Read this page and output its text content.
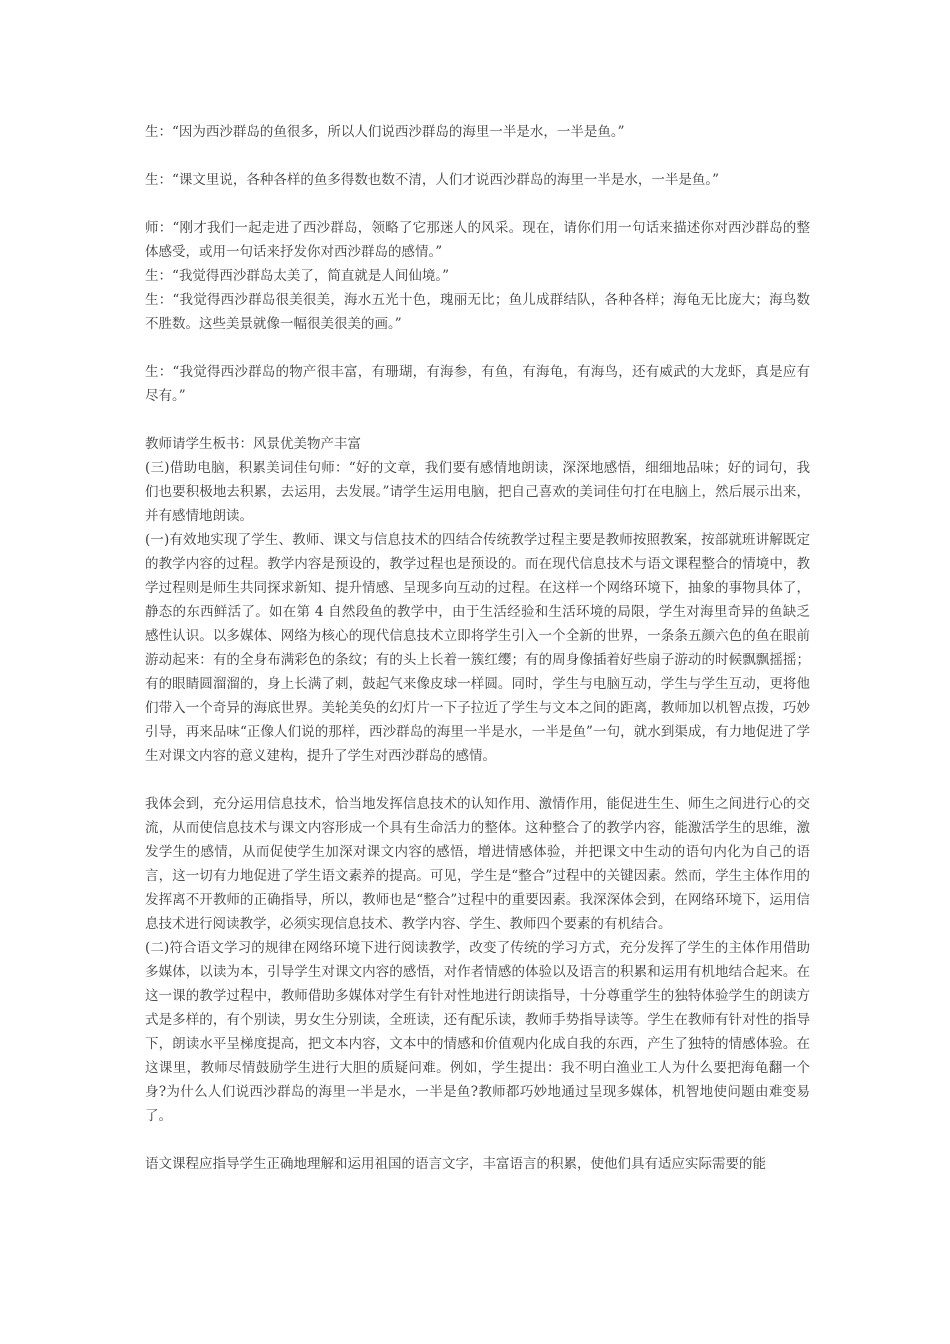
生：“因为西沙群岛的鱼很多，所以人们说西沙群岛的海里一半是水，一半是鱼。”

生：“课文里说，各种各样的鱼多得数也数不清，人们才说西沙群岛的海里一半是水，一半是鱼。”

师：“刚才我们一起走进了西沙群岛，领略了它那迷人的风采。现在，请你们用一句话来描述你对西沙群岛的整体感受，或用一句话来抒发你对西沙群岛的感情。”

生：“我觉得西沙群岛太美了，简直就是人间仙境。”

生：“我觉得西沙群岛很美很美，海水五光十色，瑰丽无比；鱼儿成群结队，各种各样；海龟无比庞大；海鸟数不胜数。这些美景就像一幅很美很美的画。”

生：“我觉得西沙群岛的物产很丰富，有珊瑚，有海参，有鱼，有海龟，有海鸟，还有威武的大龙虾，真是应有尽有。”

教师请学生板书：风景优美物产丰富

(三)借助电脑，积累美词佳句师：“好的文章，我们要有感情地朗读，深深地感悟，细细地品味；好的词句，我们也要积极地去积累，去运用，去发展。”请学生运用电脑，把自己喜欢的美词佳句打在电脑上，然后展示出来，并有感情地朗读。

(一)有效地实现了学生、教师、课文与信息技术的四结合传统教学过程主要是教师按照教案，按部就班讲解既定的教学内容的过程。教学内容是预设的，教学过程也是预设的。而在现代信息技术与语文课程整合的情境中，教学过程则是师生共同探求新知、提升情感、呈现多向互动的过程。在这样一个网络环境下，抽象的事物具体了，静态的东西鲜活了。如在第 4 自然段鱼的教学中，由于生活经验和生活环境的局限，学生对海里奇异的鱼缺乏感性认识。以多媒体、网络为核心的现代信息技术立即将学生引入一个全新的世界，一条条五颜六色的鱼在眼前游动起来：有的全身布满彩色的条纹；有的头上长着一簇红缨；有的周身像插着好些扇子游动的时候飘飘摇摇；有的眼睛圆溜溜的，身上长满了刺，鼓起气来像皮球一样圆。同时，学生与电脑互动，学生与学生互动，更将他们带入一个奇异的海底世界。美轮美奂的幻灯片一下子拉近了学生与文本之间的距离，教师加以机智点拨，巧妙引导，再来品味“正像人们说的那样，西沙群岛的海里一半是水，一半是鱼”一句，就水到渠成，有力地促进了学生对课文内容的意义建构，提升了学生对西沙群岛的感情。

我体会到，充分运用信息技术，恰当地发挥信息技术的认知作用、激情作用，能促进生生、师生之间进行心的交流，从而使信息技术与课文内容形成一个具有生命活力的整体。这种整合了的教学内容，能激活学生的思维，激发学生的感情，从而促使学生加深对课文内容的感悟，增进情感体验，并把课文中生动的语句内化为自己的语言，这一切有力地促进了学生语文素养的提高。可见，学生是“整合”过程中的关键因素。然而，学生主体作用的发挥离不开教师的正确指导，所以，教师也是“整合”过程中的重要因素。我深深体会到，在网络环境下，运用信息技术进行阅读教学，必须实现信息技术、教学内容、学生、教师四个要素的有机结合。

(二)符合语文学习的规律在网络环境下进行阅读教学，改变了传统的学习方式，充分发挥了学生的主体作用借助多媒体，以读为本，引导学生对课文内容的感悟，对作者情感的体验以及语言的积累和运用有机地结合起来。在这一课的教学过程中，教师借助多媒体对学生有针对性地进行朗读指导，十分尊重学生的独特体验学生的朗读方式是多样的，有个别读，男女生分别读，全班读，还有配乐读，教师手势指导读等。学生在教师有针对性的指导下，朗读水平呈梯度提高，把文本内容，文本中的情感和价值观内化成自我的东西，产生了独特的情感体验。在这课里，教师尽情鼓励学生进行大胆的质疑问难。例如，学生提出：我不明白渔业工人为什么要把海龟翻一个身?为什么人们说西沙群岛的海里一半是水，一半是鱼?教师都巧妙地通过呈现多媒体，机智地使问题由难变易了。

语文课程应指导学生正确地理解和运用祖国的语言文字，丰富语言的积累，使他们具有适应实际需要的能
